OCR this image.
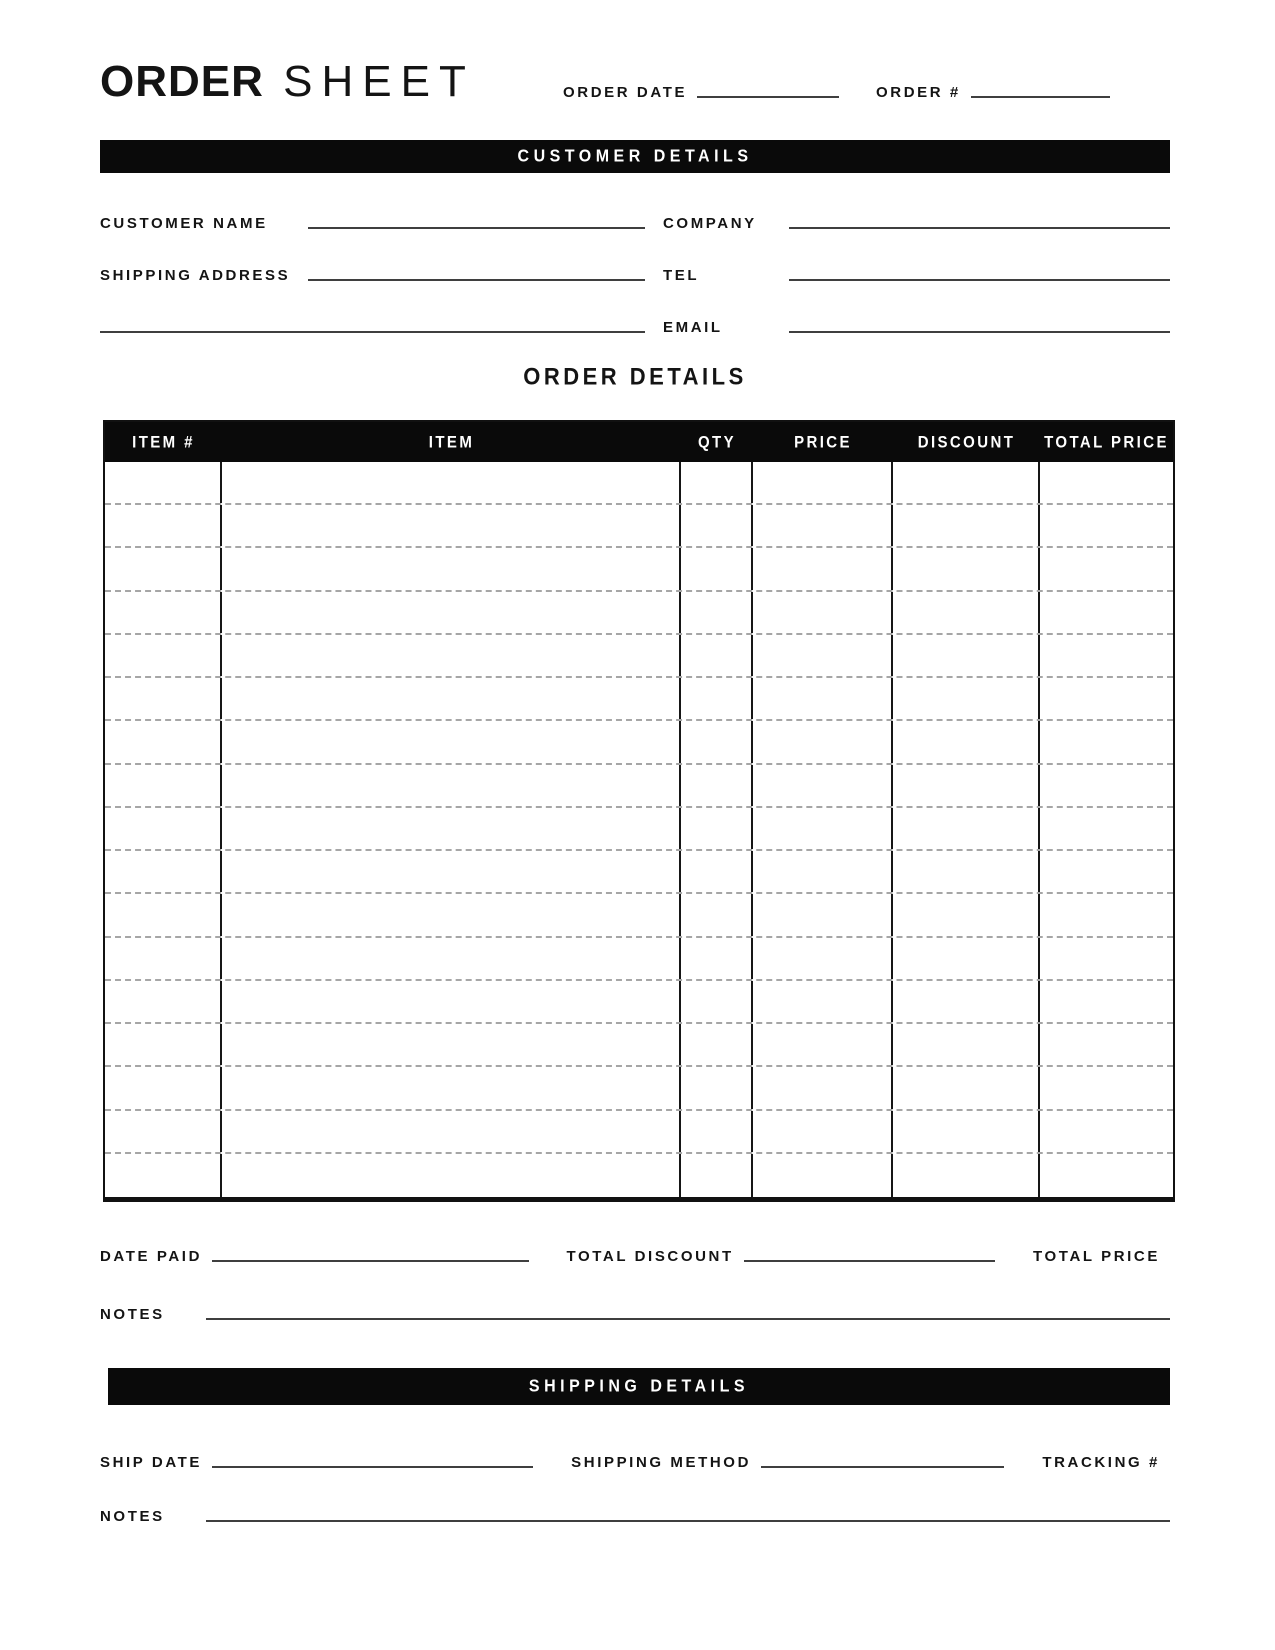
ORDER SHEET	ORDER DATE	ORDER #
CUSTOMER DETAILS
CUSTOMER NAME	COMPANY
SHIPPING ADDRESS	TEL
EMAIL
ORDER DETAILS
ITEM #	ITEM	QTY	PRICE	DISCOUNT	TOTAL PRICE
DATE PAID	TOTAL DISCOUNT	TOTAL PRICE
NOTES
SHIPPING DETAILS
SHIP DATE	SHIPPING METHOD	TRACKING #
NOTES
